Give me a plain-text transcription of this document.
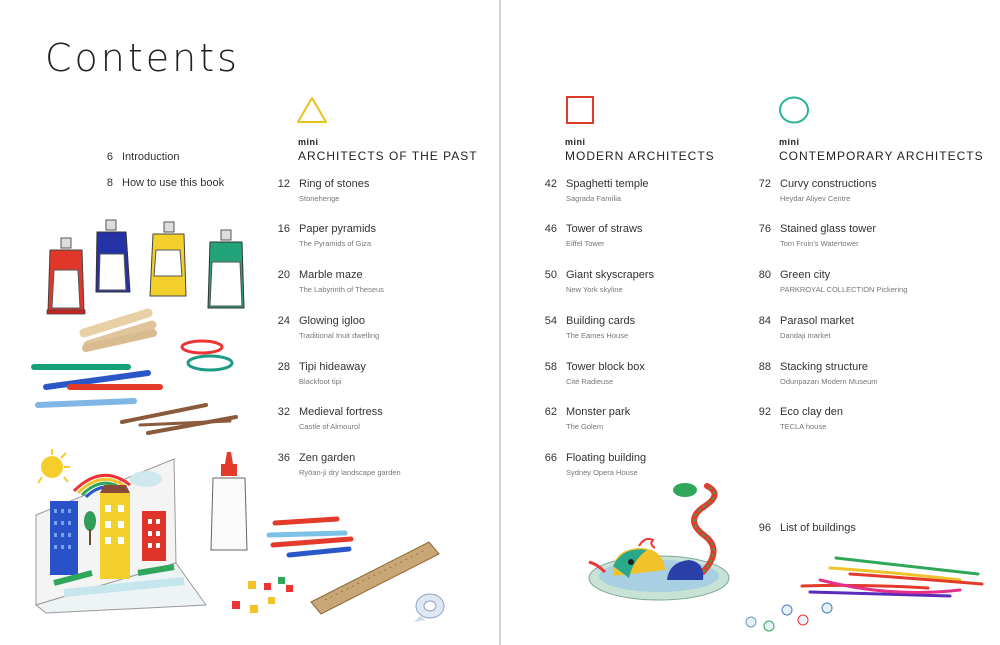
Contents
6 Introduction
8 How to use this book
mini
ARCHITECTS OF THE PAST
mini
MODERN ARCHITECTS
mini
CONTEMPORARY ARCHITECTS
12 Ring of stones
Stonehenge
16 Paper pyramids
The Pyramids of Giza
20 Marble maze
The Labyrinth of Theseus
24 Glowing igloo
Traditional Inuit dwelling
28 Tipi hideaway
Blackfoot tipi
32 Medieval fortress
Castle of Almourol
36 Zen garden
Ryōan-ji dry landscape garden
42 Spaghetti temple
Sagrada Família
46 Tower of straws
Eiffel Tower
50 Giant skyscrapers
New York skyline
54 Building cards
The Eames House
58 Tower block box
Cité Radieuse
62 Monster park
The Golem
66 Floating building
Sydney Opera House
72 Curvy constructions
Heydar Aliyev Centre
76 Stained glass tower
Tom Fruin's Watertower
80 Green city
PARKROYAL COLLECTION Pickering
84 Parasol market
Dandaji market
88 Stacking structure
Odunpazarı Modern Museum
92 Eco clay den
TECLA house
96 List of buildings
